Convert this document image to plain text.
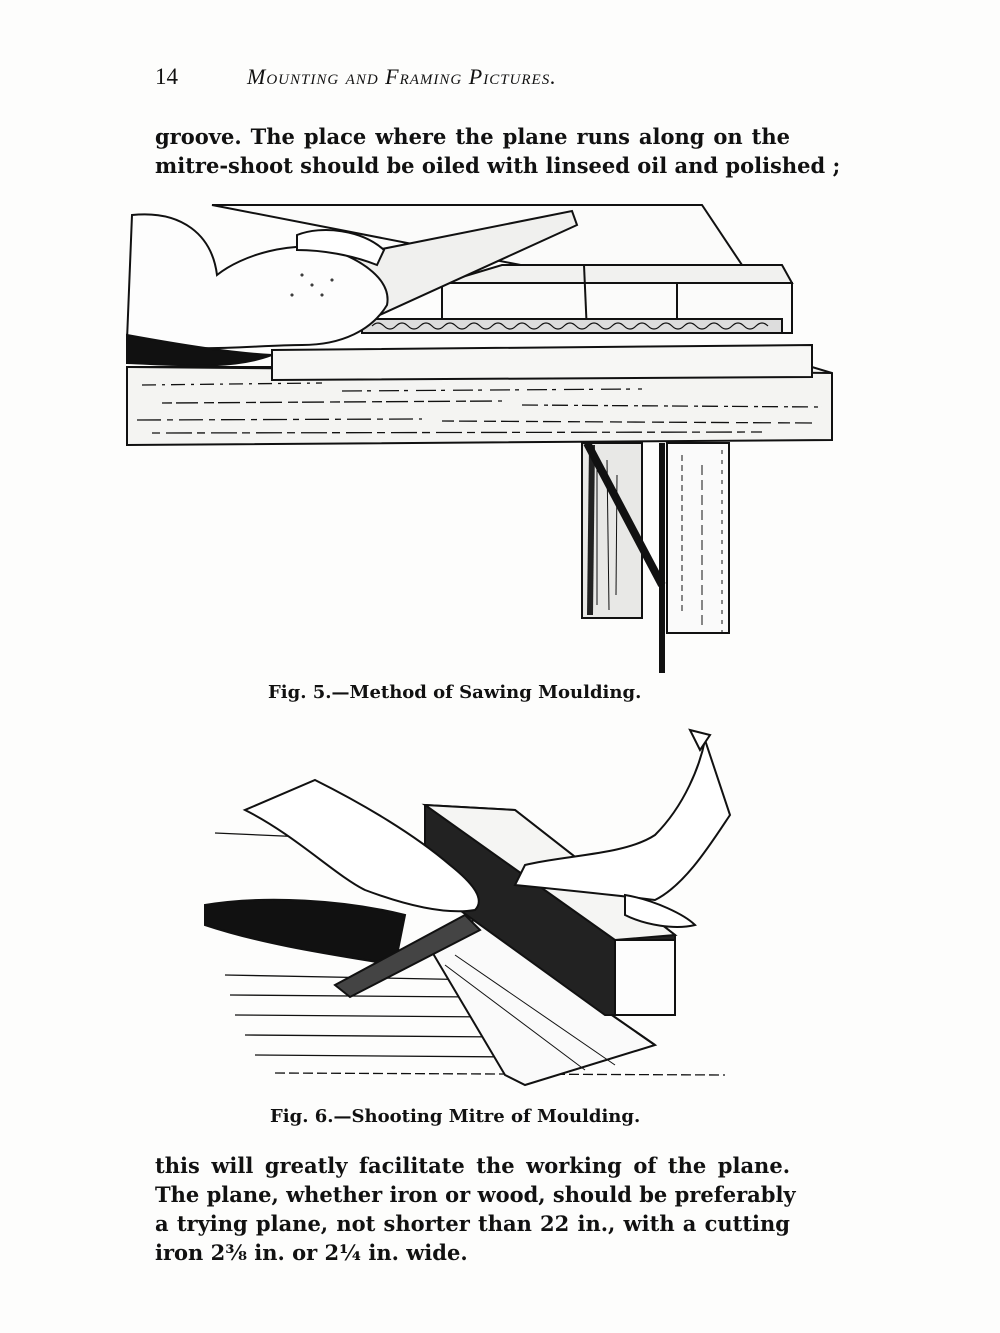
14	Mounting and Framing Pictures.

groove. The place where the plane runs along on the
mitre-shoot should be oiled with linseed oil and polished ;

Fig. 5.—Method of Sawing Moulding.
Fig. 6.—Shooting Mitre of Moulding.

this will greatly facilitate the working of the plane.
The plane, whether iron or wood, should be preferably
a trying plane, not shorter than 22 in., with a cutting
iron 2⅜ in. or 2¼ in. wide.
